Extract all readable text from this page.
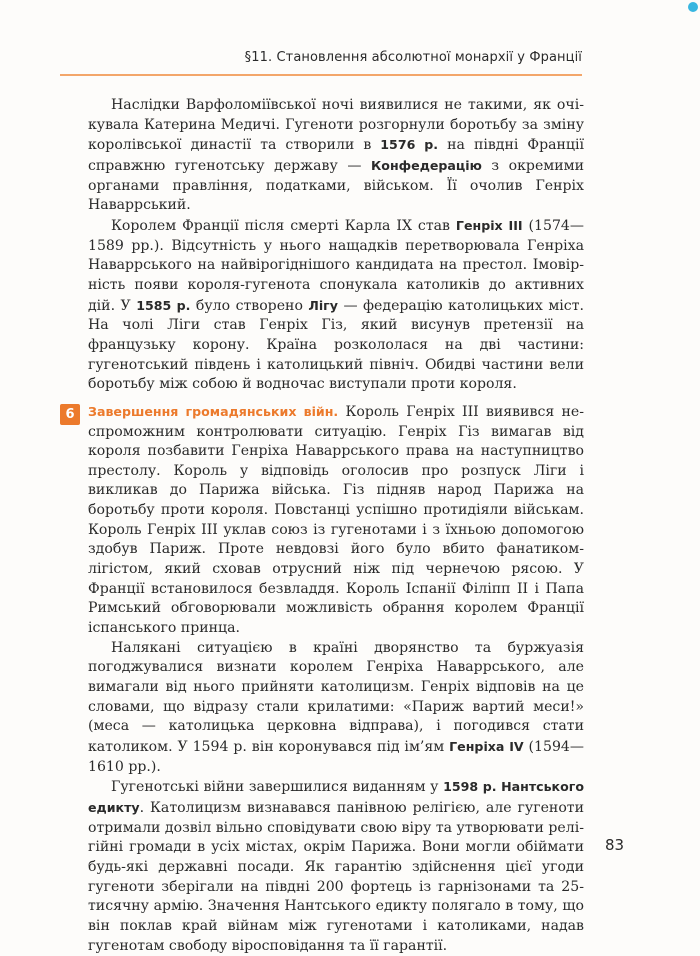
§11. Становлення абсолютної монархії у Франції

Наслідки Варфоломіївської ночі виявилися не такими, як очікувала Катерина Медичі. Гугеноти розгорнули боротьбу за зміну королівської династії та створили в 1576 р. на півдні Франції справжню гугенотську державу — Конфедерацію з окремими органами правління, податками, військом. Її очолив Генріх Наваррський.

Королем Франції після смерті Карла IX став Генріх III (1574—1589 рр.). Відсутність у нього нащадків перетворювала Генріха Наваррського на найвірогіднішого кандидата на престол. Імовірність появи короля-гугенота спонукала католиків до активних дій. У 1585 р. було створено Лігу — федерацію католицьких міст. На чолі Ліги став Генріх Гіз, який висунув претензії на французьку корону. Країна розкололася на дві частини: гугенотський південь і католицький північ. Обидві частини вели боротьбу між собою й водночас виступали проти короля.

6	Завершення громадянських війн. Король Генріх III виявився неспроможним контролювати ситуацію. Генріх Гіз вимагав від короля позбавити Генріха Наваррського права на наступництво престолу. Король у відповідь оголосив про розпуск Ліги і викликав до Парижа війська. Гіз підняв народ Парижа на боротьбу проти короля. Повстанці успішно протидіяли військам. Король Генріх III уклав союз із гугенотами і з їхньою допомогою здобув Париж. Проте невдовзі його було вбито фанатиком-лігістом, який сховав отрусний ніж під чернечою рясою. У Франції встановилося безвладдя. Король Іспанії Філіпп II і Папа Римський обговорювали можливість обрання королем Франції іспанського принца.

Налякані ситуацією в країні дворянство та буржуазія погоджувалися визнати королем Генріха Наваррського, але вимагали від нього прийняти католицизм. Генріх відповів на це словами, що відразу стали крилатими: «Париж вартий меси!» (меса — католицька церковна відправа), і погодився стати католиком. У 1594 р. він коронувався під ім’ям Генріха IV (1594—1610 рр.).

Гугенотські війни завершилися виданням у 1598 р. Нантського едикту. Католицизм визнавався панівною релігією, але гугеноти отримали дозвіл вільно сповідувати свою віру та утворювати релігійні громади в усіх містах, окрім Парижа. Вони могли обіймати будь-які державні посади. Як гарантію здійснення цієї угоди гугеноти зберігали на півдні 200 фортець із гарнізонами та 25-тисячну армію. Значення Нантського едикту полягало в тому, що він поклав край війнам між гугенотами і католиками, надав гугенотам свободу віросповідання та її гарантії.

83
